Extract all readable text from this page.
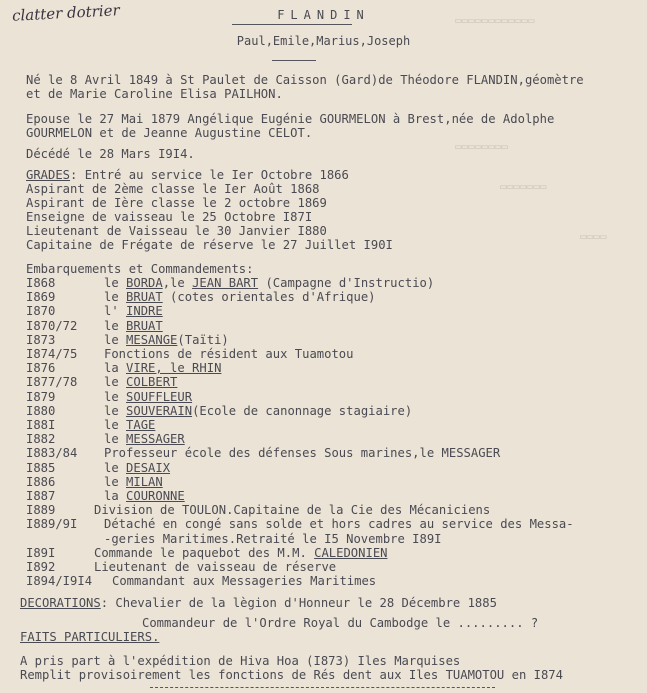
▭▭▭▭▭▭▭▭▭▭▭▭
▭▭▭▭▭▭▭▭
▭▭▭▭▭▭▭
▭▭▭▭
clatter dotrier	FLANDIN
Paul,Emile,Marius,Joseph
Né le 8 Avril 1849 à St Paulet de Caisson (Gard)de Théodore FLANDIN,géomètre
et de Marie Caroline Elisa PAILHON.
Epouse le 27 Mai 1879 Angélique Eugénie GOURMELON à Brest,née de Adolphe
GOURMELON et de Jeanne Augustine CELOT.
Décédé le 28 Mars I9I4.
GRADES: Entré au service le Ier Octobre 1866
Aspirant de 2ème classe le Ier Août 1868
Aspirant de Ière classe le 2 octobre 1869
Enseigne de vaisseau le 25 Octobre I87I
Lieutenant de Vaisseau le 30 Janvier I880
Capitaine de Frégate de réserve le 27 Juillet I90I
Embarquements et Commandements:
I868	le BORDA,le JEAN BART (Campagne d'Instructio)
I869	le BRUAT (cotes orientales d'Afrique)
I870	l' INDRE
I870/72 le BRUAT
I873	le MESANGE(Taïti)
I874/75 Fonctions de résident aux Tuamotou
I876	la VIRE, le RHIN
I877/78 le COLBERT
I879	le SOUFFLEUR
I880	le SOUVERAIN(Ecole de canonnage stagiaire)
I88I	le TAGE
I882	le MESSAGER
I883/84 Professeur école des défenses Sous marines,le MESSAGER
I885	le DESAIX
I886	le MILAN
I887	la COURONNE
I889	Division de TOULON.Capitaine de la Cie des Mécaniciens
I889/9I Détaché en congé sans solde et hors cadres au service des Messa-
-geries Maritimes.Retraité le I5 Novembre I89I
I89I	Commande le paquebot des M.M. CALEDONIEN
I892	Lieutenant de vaisseau de réserve
I894/I9I4 Commandant aux Messageries Maritimes
DECORATIONS: Chevalier de la lègion d'Honneur le 28 Décembre 1885
Commandeur de l'Ordre Royal du Cambodge le ......... ?
FAITS PARTICULIERS.
A pris part à l'expédition de Hiva Hoa (I873) Iles Marquises
Remplit provisoirement les fonctions de Rés dent aux Iles TUAMOTOU en I874
